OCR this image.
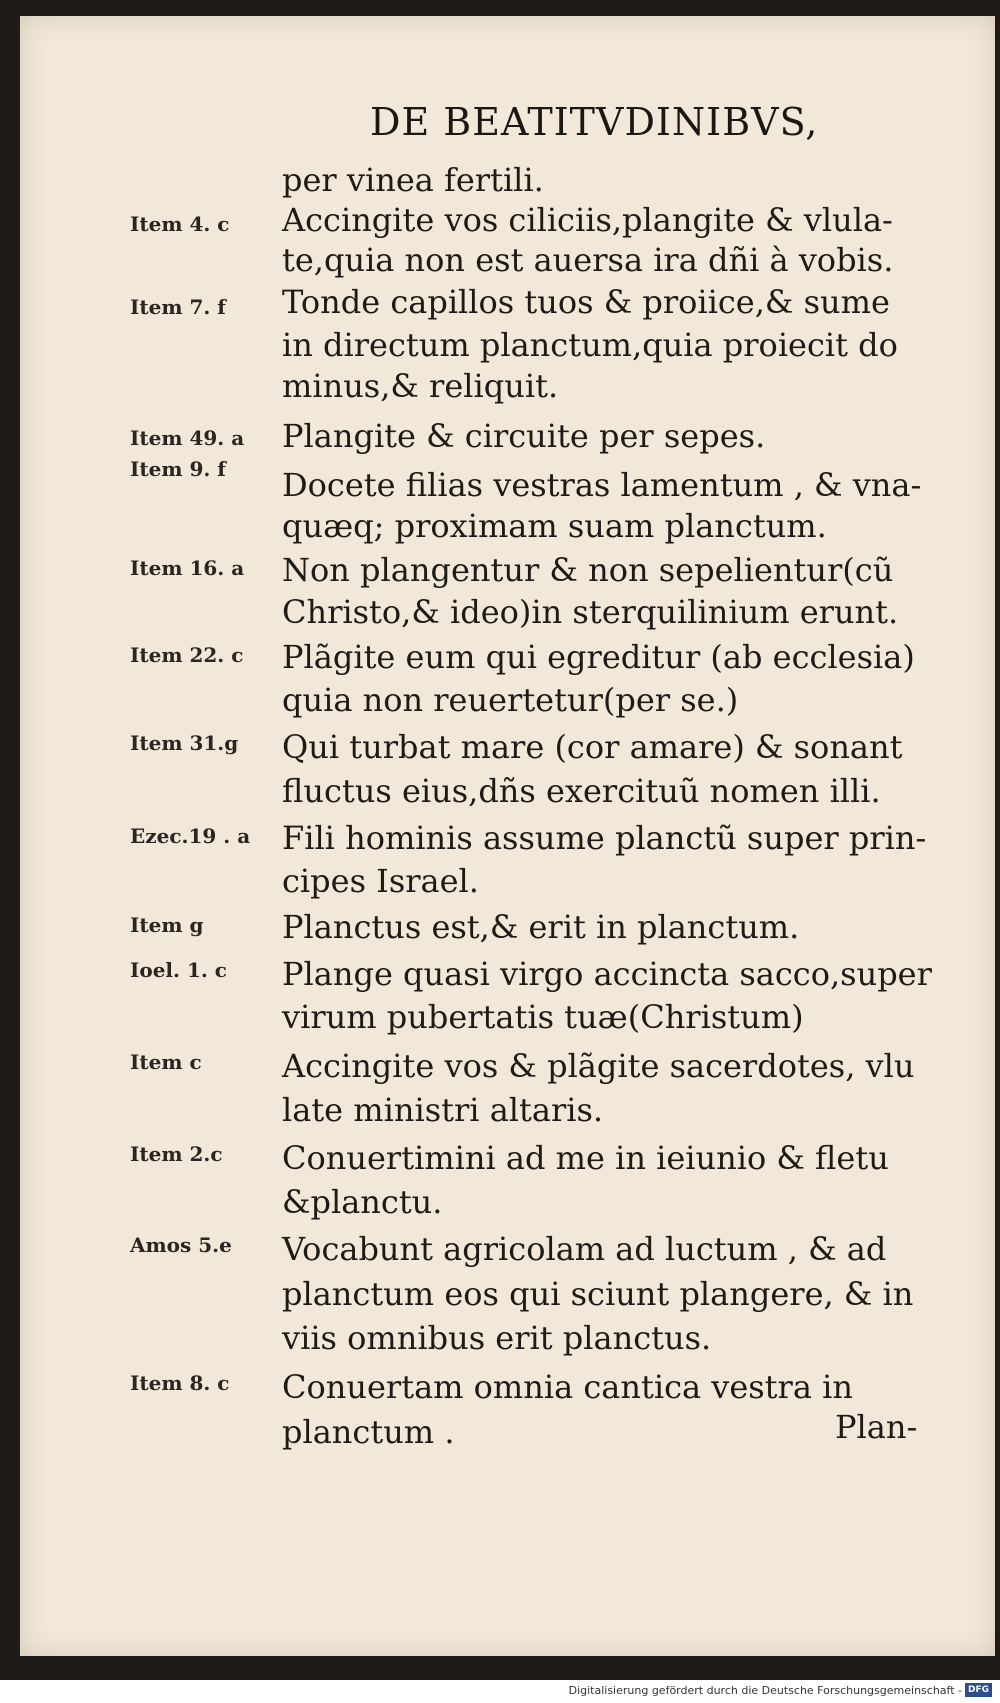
DE BEATITVDINIBVS,
per vinea fertili.
Accingite vos ciliciis,plangite & vlula-
te,quia non est auersa ira dñi à vobis.
Tonde capillos tuos & proiice,& sume
in directum planctum,quia proiecit do
minus,& reliquit.
Plangite & circuite per sepes.
Docete filias vestras lamentum , & vna-
quæq; proximam suam planctum.
Non plangentur & non sepelientur(cũ
Christo,& ideo)in sterquilinium erunt.
Plãgite eum qui egreditur (ab ecclesia)
quia non reuertetur(per se.)
Qui turbat mare (cor amare) & sonant
fluctus eius,dñs exercituũ nomen illi.
Fili hominis assume planctũ super prin-
cipes Israel.
Planctus est,& erit in planctum.
Plange quasi virgo accincta sacco,super
virum pubertatis tuæ(Christum)
Accingite vos & plãgite sacerdotes, vlu
late ministri altaris.
Conuertimini ad me in ieiunio & fletu
&planctu.
Vocabunt agricolam ad luctum , & ad
planctum eos qui sciunt plangere, & in
viis omnibus erit planctus.
Conuertam omnia cantica vestra in
planctum .	Plan-
Item 4. c
Item 7. f
Item 49. a
Item 9. f
Item 16. a
Item 22. c
Item 31.g
Ezec.19 . a
Item g
Ioel. 1. c
Item c
Item 2.c
Amos 5.e
Item 8. c
Digitalisierung gefördert durch die Deutsche Forschungsgemeinschaft - DFG
